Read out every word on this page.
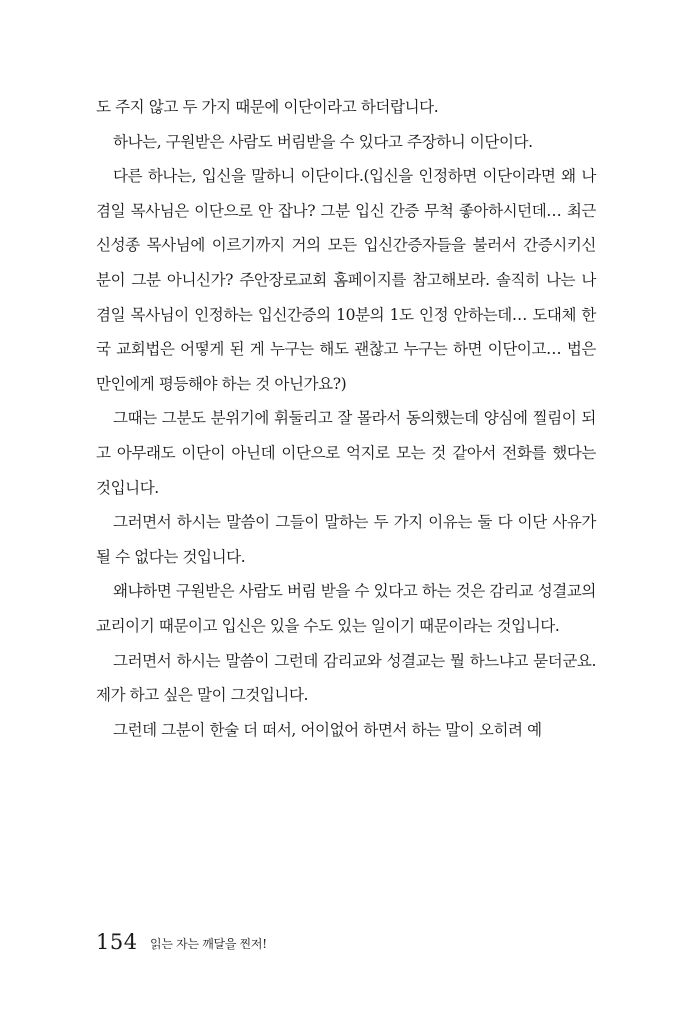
도 주지 않고 두 가지 때문에 이단이라고 하더랍니다.

하나는, 구원받은 사람도 버림받을 수 있다고 주장하니 이단이다.

다른 하나는, 입신을 말하니 이단이다.(입신을 인정하면 이단이라면 왜 나겸일 목사님은 이단으로 안 잡나? 그분 입신 간증 무척 좋아하시던데… 최근 신성종 목사님에 이르기까지 거의 모든 입신간증자들을 불러서 간증시키신 분이 그분 아니신가? 주안장로교회 홈페이지를 참고해보라. 솔직히 나는 나겸일 목사님이 인정하는 입신간증의 10분의 1도 인정 안하는데… 도대체 한국 교회법은 어떻게 된 게 누구는 해도 괜찮고 누구는 하면 이단이고… 법은 만인에게 평등해야 하는 것 아닌가요?)

그때는 그분도 분위기에 휘둘리고 잘 몰라서 동의했는데 양심에 찔림이 되고 아무래도 이단이 아닌데 이단으로 억지로 모는 것 같아서 전화를 했다는 것입니다.

그러면서 하시는 말씀이 그들이 말하는 두 가지 이유는 둘 다 이단 사유가 될 수 없다는 것입니다.

왜냐하면 구원받은 사람도 버림 받을 수 있다고 하는 것은 감리교 성결교의 교리이기 때문이고 입신은 있을 수도 있는 일이기 때문이라는 것입니다.

그러면서 하시는 말씀이 그런데 감리교와 성결교는 뭘 하느냐고 묻더군요. 제가 하고 싶은 말이 그것입니다.

그런데 그분이 한술 더 떠서, 어이없어 하면서 하는 말이 오히려 예

154 읽는 자는 깨달을 찐저!
